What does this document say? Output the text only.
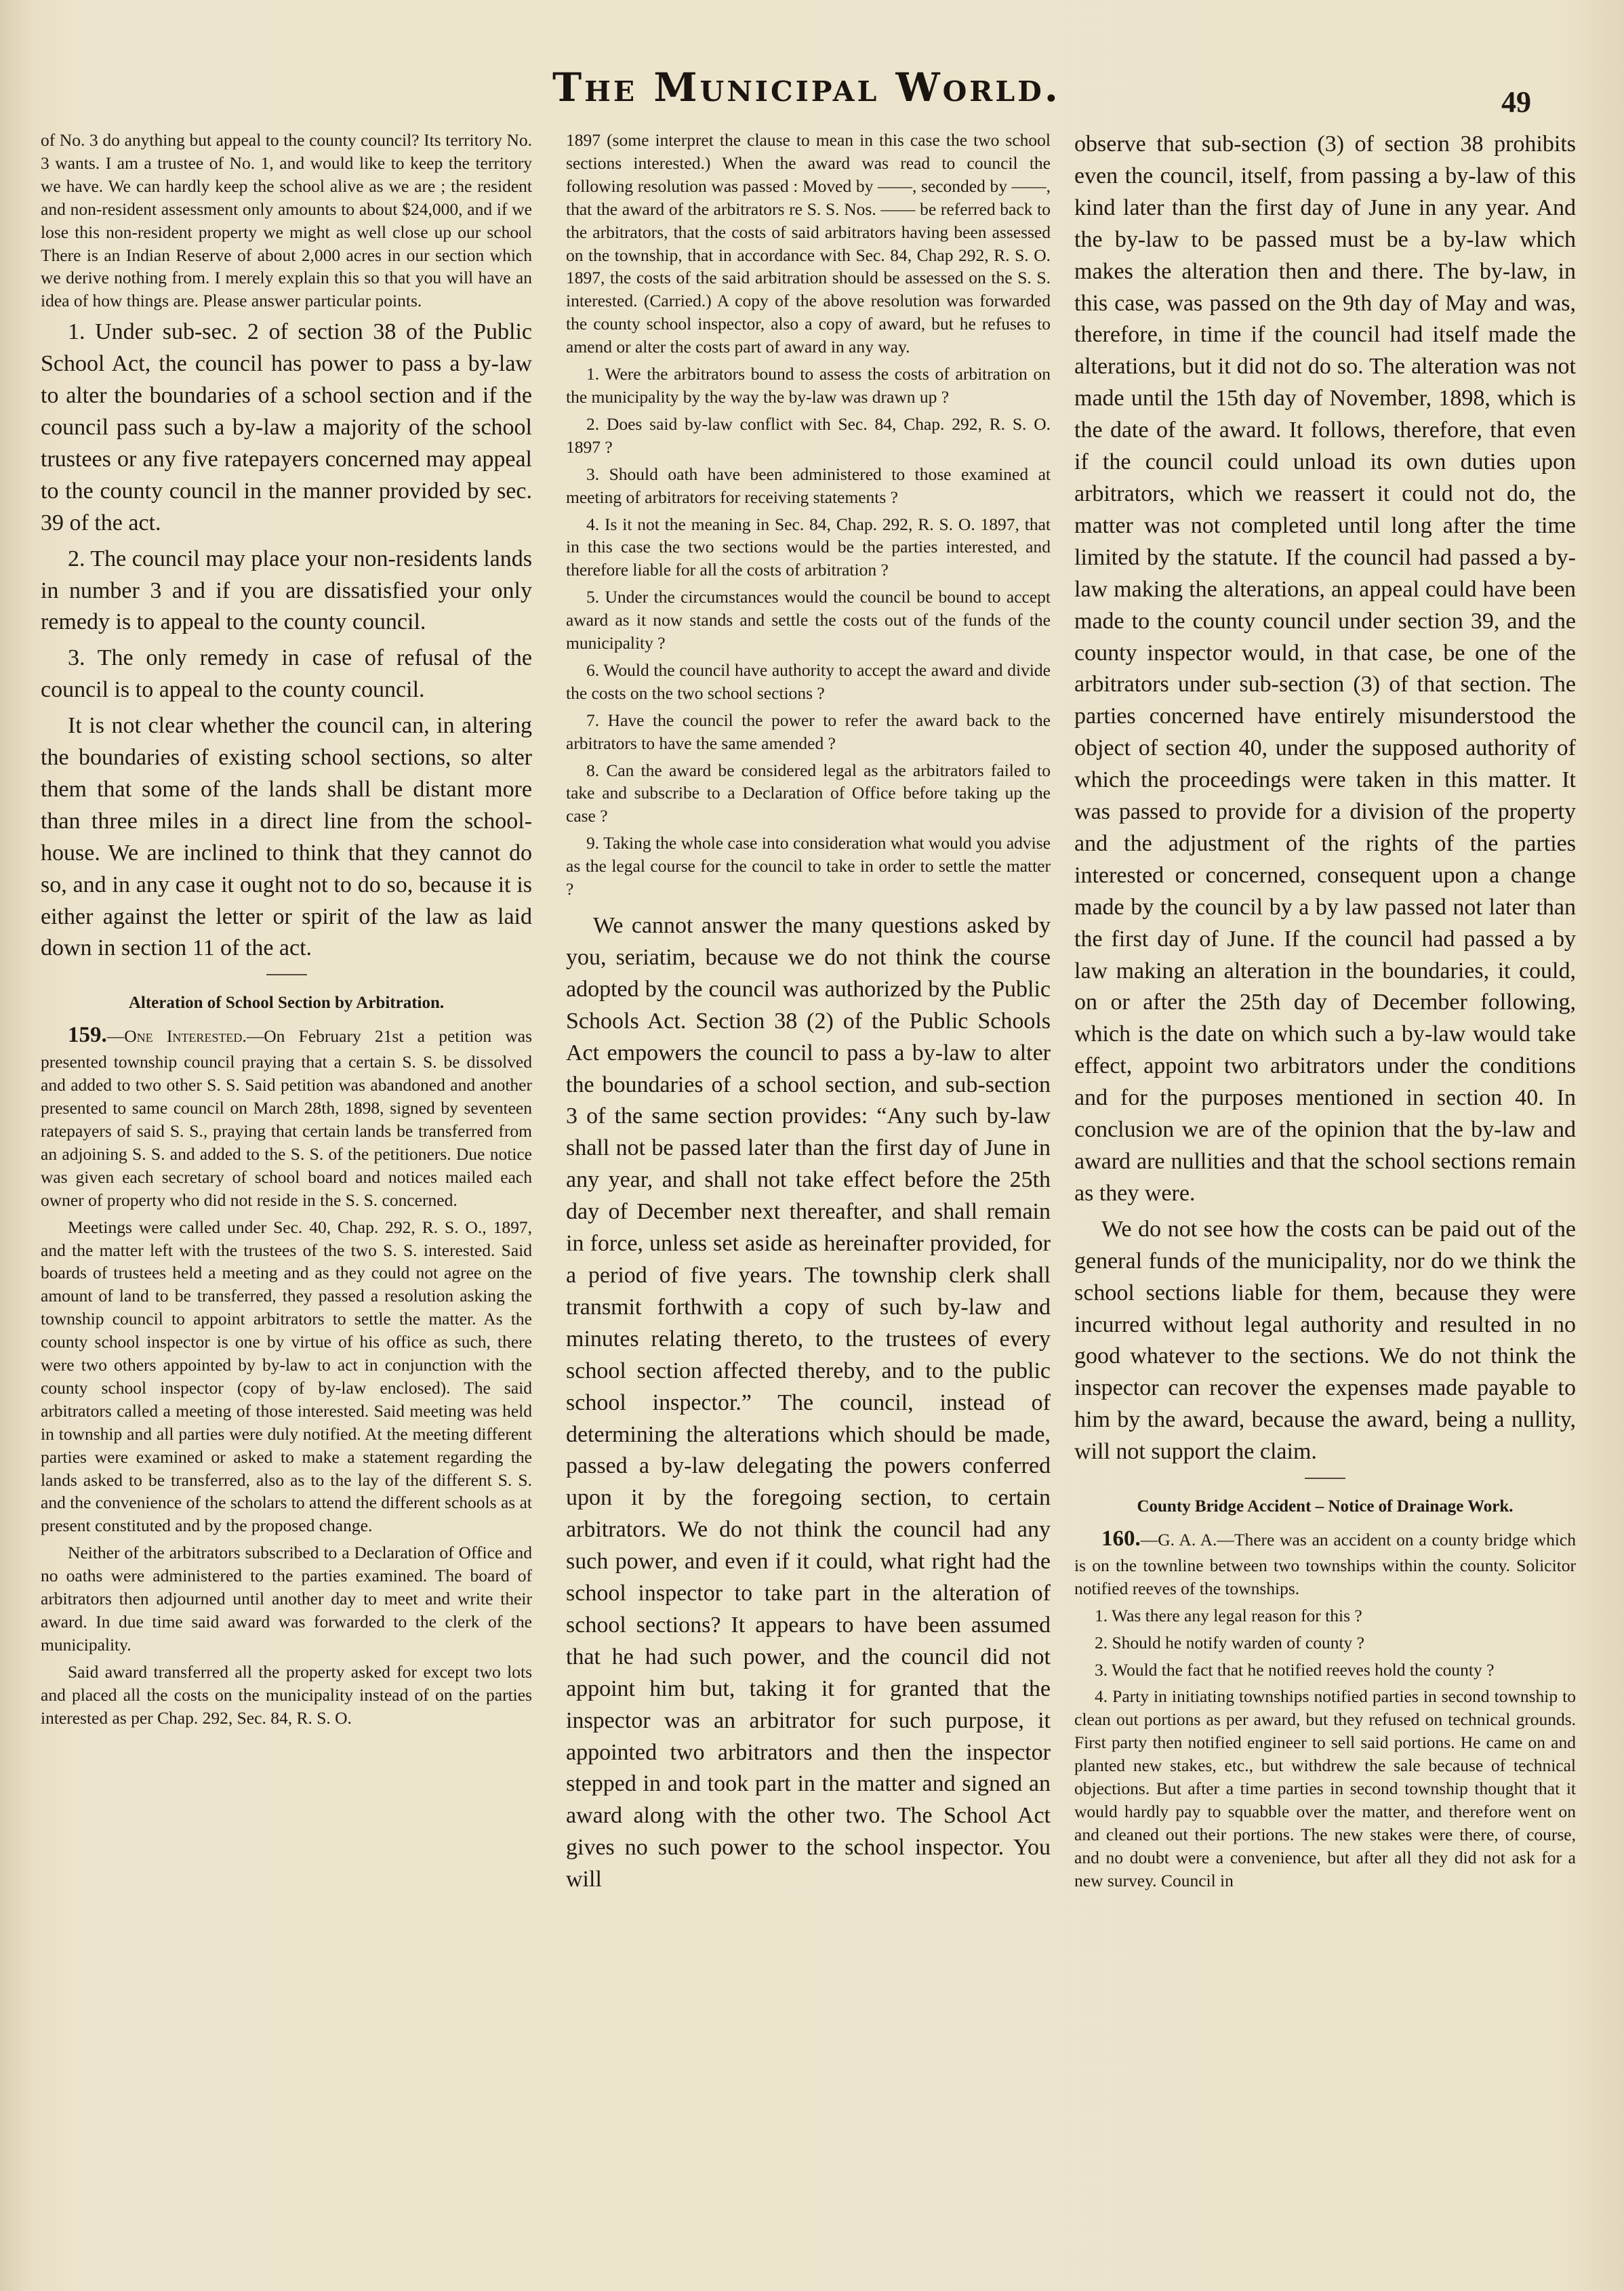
The Municipal World.	49

of No. 3 do anything but appeal to the county council? Its territory No. 3 wants. I am a trustee of No. 1, and would like to keep the territory we have. We can hardly keep the school alive as we are ; the resident and non-resident assessment only amounts to about $24,000, and if we lose this non-resident property we might as well close up our school There is an Indian Reserve of about 2,000 acres in our section which we derive nothing from. I merely explain this so that you will have an idea of how things are. Please answer particular points.

1. Under sub-sec. 2 of section 38 of the Public School Act, the council has power to pass a by-law to alter the boundaries of a school section and if the council pass such a by-law a majority of the school trustees or any five ratepayers concerned may appeal to the county council in the manner provided by sec. 39 of the act.

2. The council may place your non-residents lands in number 3 and if you are dissatisfied your only remedy is to appeal to the county council.

3. The only remedy in case of refusal of the council is to appeal to the county council.

It is not clear whether the council can, in altering the boundaries of existing school sections, so alter them that some of the lands shall be distant more than three miles in a direct line from the school-house. We are inclined to think that they cannot do so, and in any case it ought not to do so, because it is either against the letter or spirit of the law as laid down in section 11 of the act.

Alteration of School Section by Arbitration.

159.—One Interested.—On February 21st a petition was presented township council praying that a certain S. S. be dissolved and added to two other S. S. Said petition was abandoned and another presented to same council on March 28th, 1898, signed by seventeen ratepayers of said S. S., praying that certain lands be transferred from an adjoining S. S. and added to the S. S. of the petitioners. Due notice was given each secretary of school board and notices mailed each owner of property who did not reside in the S. S. concerned.

Meetings were called under Sec. 40, Chap. 292, R. S. O., 1897, and the matter left with the trustees of the two S. S. interested. Said boards of trustees held a meeting and as they could not agree on the amount of land to be transferred, they passed a resolution asking the township council to appoint arbitrators to settle the matter. As the county school inspector is one by virtue of his office as such, there were two others appointed by by-law to act in conjunction with the county school inspector (copy of by-law enclosed). The said arbitrators called a meeting of those interested. Said meeting was held in township and all parties were duly notified. At the meeting different parties were examined or asked to make a statement regarding the lands asked to be transferred, also as to the lay of the different S. S. and the convenience of the scholars to attend the different schools as at present constituted and by the proposed change.

Neither of the arbitrators subscribed to a Declaration of Office and no oaths were administered to the parties examined. The board of arbitrators then adjourned until another day to meet and write their award. In due time said award was forwarded to the clerk of the municipality.

Said award transferred all the property asked for except two lots and placed all the costs on the municipality instead of on the parties interested as per Chap. 292, Sec. 84, R. S. O.

1897 (some interpret the clause to mean in this case the two school sections interested.) When the award was read to council the following resolution was passed : Moved by ——, seconded by ——, that the award of the arbitrators re S. S. Nos. —— be referred back to the arbitrators, that the costs of said arbitrators having been assessed on the township, that in accordance with Sec. 84, Chap 292, R. S. O. 1897, the costs of the said arbitration should be assessed on the S. S. interested. (Carried.) A copy of the above resolution was forwarded the county school inspector, also a copy of award, but he refuses to amend or alter the costs part of award in any way.

1. Were the arbitrators bound to assess the costs of arbitration on the municipality by the way the by-law was drawn up ?

2. Does said by-law conflict with Sec. 84, Chap. 292, R. S. O. 1897 ?

3. Should oath have been administered to those examined at meeting of arbitrators for receiving statements ?

4. Is it not the meaning in Sec. 84, Chap. 292, R. S. O. 1897, that in this case the two sections would be the parties interested, and therefore liable for all the costs of arbitration ?

5. Under the circumstances would the council be bound to accept award as it now stands and settle the costs out of the funds of the municipality ?

6. Would the council have authority to accept the award and divide the costs on the two school sections ?

7. Have the council the power to refer the award back to the arbitrators to have the same amended ?

8. Can the award be considered legal as the arbitrators failed to take and subscribe to a Declaration of Office before taking up the case ?

9. Taking the whole case into consideration what would you advise as the legal course for the council to take in order to settle the matter ?

We cannot answer the many questions asked by you, seriatim, because we do not think the course adopted by the council was authorized by the Public Schools Act. Section 38 (2) of the Public Schools Act empowers the council to pass a by-law to alter the boundaries of a school section, and sub-section 3 of the same section provides: “Any such by-law shall not be passed later than the first day of June in any year, and shall not take effect before the 25th day of December next thereafter, and shall remain in force, unless set aside as hereinafter provided, for a period of five years. The township clerk shall transmit forthwith a copy of such by-law and minutes relating thereto, to the trustees of every school section affected thereby, and to the public school inspector.” The council, instead of determining the alterations which should be made, passed a by-law delegating the powers conferred upon it by the foregoing section, to certain arbitrators. We do not think the council had any such power, and even if it could, what right had the school inspector to take part in the alteration of school sections? It appears to have been assumed that he had such power, and the council did not appoint him but, taking it for granted that the inspector was an arbitrator for such purpose, it appointed two arbitrators and then the inspector stepped in and took part in the matter and signed an award along with the other two. The School Act gives no such power to the school inspector. You will

observe that sub-section (3) of section 38 prohibits even the council, itself, from passing a by-law of this kind later than the first day of June in any year. And the by-law to be passed must be a by-law which makes the alteration then and there. The by-law, in this case, was passed on the 9th day of May and was, therefore, in time if the council had itself made the alterations, but it did not do so. The alteration was not made until the 15th day of November, 1898, which is the date of the award. It follows, therefore, that even if the council could unload its own duties upon arbitrators, which we reassert it could not do, the matter was not completed until long after the time limited by the statute. If the council had passed a by-law making the alterations, an appeal could have been made to the county council under section 39, and the county inspector would, in that case, be one of the arbitrators under sub-section (3) of that section. The parties concerned have entirely misunderstood the object of section 40, under the supposed authority of which the proceedings were taken in this matter. It was passed to provide for a division of the property and the adjustment of the rights of the parties interested or concerned, consequent upon a change made by the council by a by law passed not later than the first day of June. If the council had passed a by law making an alteration in the boundaries, it could, on or after the 25th day of December following, which is the date on which such a by-law would take effect, appoint two arbitrators under the conditions and for the purposes mentioned in section 40. In conclusion we are of the opinion that the by-law and award are nullities and that the school sections remain as they were.

We do not see how the costs can be paid out of the general funds of the municipality, nor do we think the school sections liable for them, because they were incurred without legal authority and resulted in no good whatever to the sections. We do not think the inspector can recover the expenses made payable to him by the award, because the award, being a nullity, will not support the claim.

County Bridge Accident – Notice of Drainage Work.

160.—G. A. A.—There was an accident on a county bridge which is on the townline between two townships within the county. Solicitor notified reeves of the townships.

1. Was there any legal reason for this ?

2. Should he notify warden of county ?

3. Would the fact that he notified reeves hold the county ?

4. Party in initiating townships notified parties in second township to clean out portions as per award, but they refused on technical grounds. First party then notified engineer to sell said portions. He came on and planted new stakes, etc., but withdrew the sale because of technical objections. But after a time parties in second township thought that it would hardly pay to squabble over the matter, and therefore went on and cleaned out their portions. The new stakes were there, of course, and no doubt were a convenience, but after all they did not ask for a new survey. Council in
